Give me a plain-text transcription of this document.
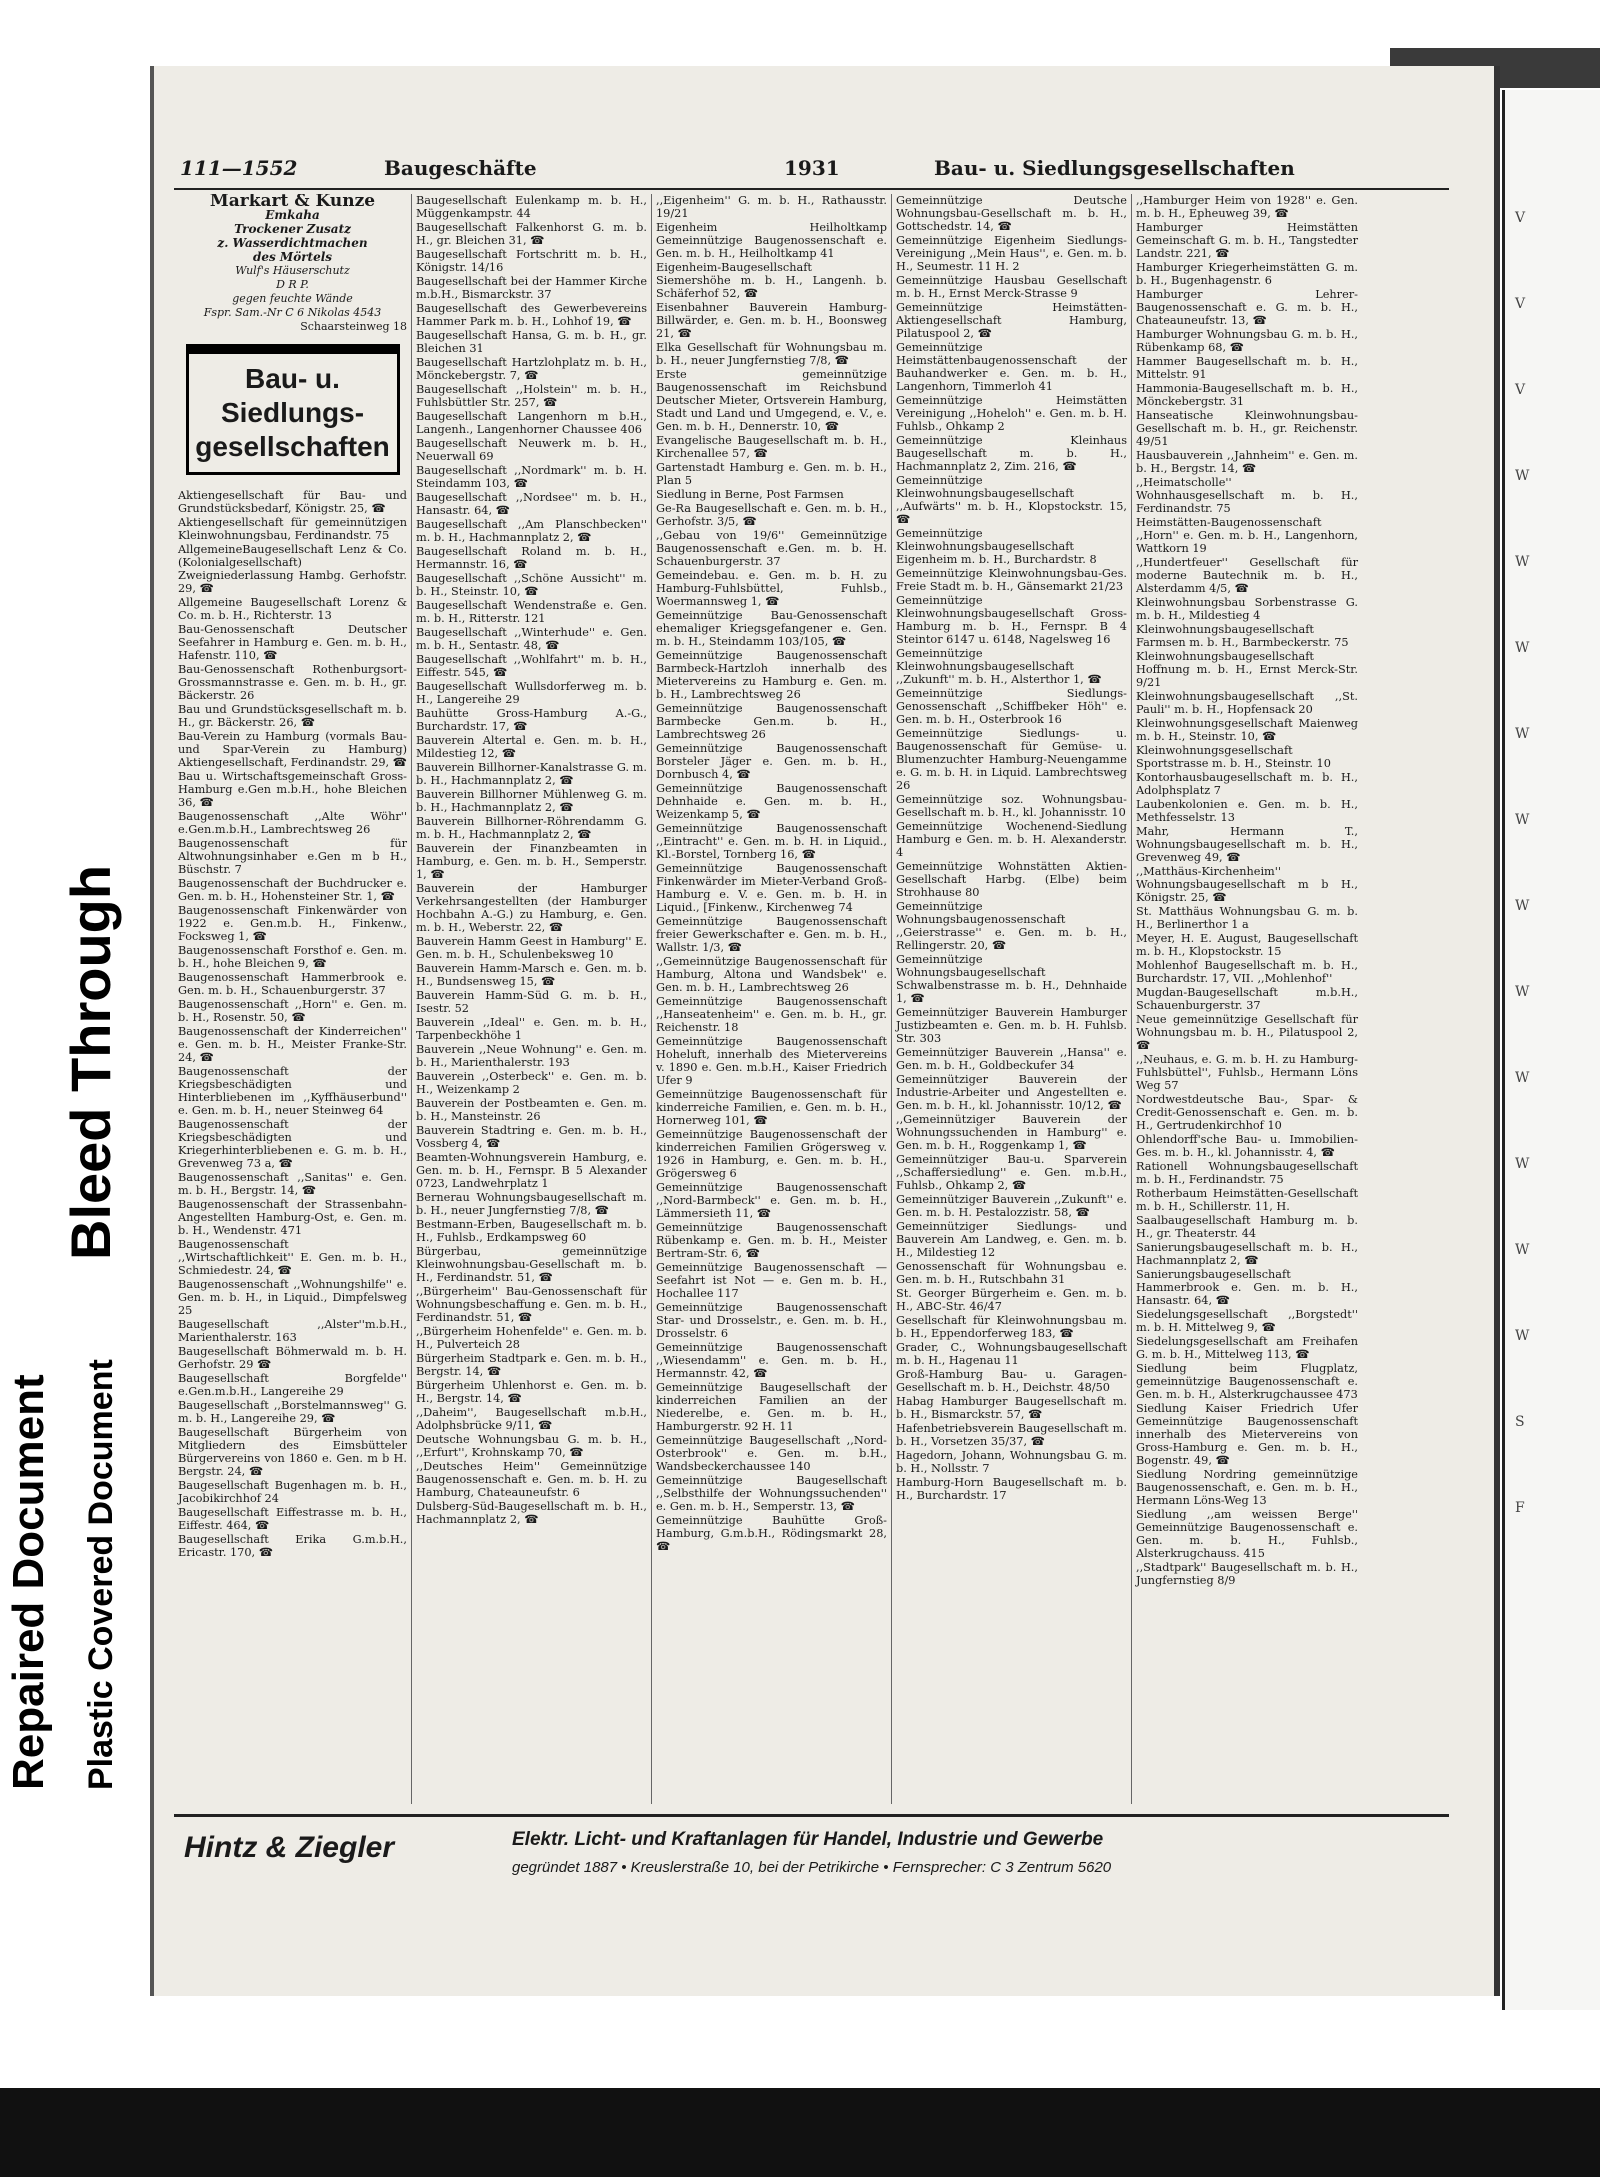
V
V
V
W
W
W
W
W
W
W
W
W
W
W
S
F
Bleed Through
Repaired Document Plastic Covered Document
111—1552	Baugeschäfte	1931	Bau- u. Siedlungsgesellschaften
Markart & Kunze
Emkaha
Trockener Zusatz
z. Wasserdichtmachen
des Mörtels
Wulf's Häuserschutz
D R P.
gegen feuchte Wände
Fspr. Sam.-Nr C 6 Nikolas 4543
Schaarsteinweg 18
Bau- u. Siedlungs- gesellschaften
Aktiengesellschaft für Bau- und Grundstücksbedarf, Königstr. 25, ☎
Aktiengesellschaft für gemeinnützigen Kleinwohnungsbau, Ferdinandstr. 75
AllgemeineBaugesellschaft Lenz & Co. (Kolonialgesellschaft) Zweigniederlassung Hambg. Gerhofstr. 29, ☎
Allgemeine Baugesellschaft Lorenz & Co. m. b. H., Richterstr. 13
Bau-Genossenschaft Deutscher Seefahrer in Hamburg e. Gen. m. b. H., Hafenstr. 110, ☎
Bau-Genossenschaft Rothenburgsort-Grossmannstrasse e. Gen. m. b. H., gr. Bäckerstr. 26
Bau und Grundstücksgesellschaft m. b. H., gr. Bäckerstr. 26, ☎
Bau-Verein zu Hamburg (vormals Bau- und Spar-Verein zu Hamburg) Aktiengesellschaft, Ferdinandstr. 29, ☎
Bau u. Wirtschaftsgemeinschaft Gross-Hamburg e.Gen m.b.H., hohe Bleichen 36, ☎
Baugenossenschaft ,,Alte Wöhr'' e.Gen.m.b.H., Lambrechtsweg 26
Baugenossenschaft für Altwohnungsinhaber e.Gen m b H., Büschstr. 7
Baugenossenschaft der Buchdrucker e. Gen. m. b. H., Hohensteiner Str. 1, ☎
Baugenossenschaft Finkenwärder von 1922 e. Gen.m.b. H., Finkenw., Focksweg 1, ☎
Baugenossenschaft Forsthof e. Gen. m. b. H., hohe Bleichen 9, ☎
Baugenossenschaft Hammerbrook e. Gen. m. b. H., Schauenburgerstr. 37
Baugenossenschaft ,,Horn'' e. Gen. m. b. H., Rosenstr. 50, ☎
Baugenossenschaft der Kinderreichen'' e. Gen. m. b. H., Meister Franke-Str. 24, ☎
Baugenossenschaft der Kriegsbeschädigten und Hinterbliebenen im ,,Kyffhäuserbund'' e. Gen. m. b. H., neuer Steinweg 64
Baugenossenschaft der Kriegsbeschädigten und Kriegerhinterbliebenen e. G. m. b. H., Grevenweg 73 a, ☎
Baugenossenschaft ,,Sanitas'' e. Gen. m. b. H., Bergstr. 14, ☎
Baugenossenschaft der Strassenbahn-Angestellten Hamburg-Ost, e. Gen. m. b. H., Wendenstr. 471
Baugenossenschaft ,,Wirtschaftlichkeit'' E. Gen. m. b. H., Schmiedestr. 24, ☎
Baugenossenschaft ,,Wohnungshilfe'' e. Gen. m. b. H., in Liquid., Dimpfelsweg 25
Baugesellschaft ,,Alster''m.b.H., Marienthalerstr. 163
Baugesellschaft Böhmerwald m. b. H. Gerhofstr. 29 ☎
Baugesellschaft Borgfelde'' e.Gen.m.b.H., Langereihe 29
Baugesellschaft ,,Borstelmannsweg'' G. m. b. H., Langereihe 29, ☎
Baugesellschaft Bürgerheim von Mitgliedern des Eimsbütteler Bürgervereins von 1860 e. Gen. m b H. Bergstr. 24, ☎
Baugesellschaft Bugenhagen m. b. H., Jacobikirchhof 24
Baugesellschaft Eiffestrasse m. b. H., Eiffestr. 464, ☎
Baugesellschaft Erika G.m.b.H., Ericastr. 170, ☎
Baugesellschaft Eulenkamp m. b. H., Müggenkampstr. 44
Baugesellschaft Falkenhorst G. m. b. H., gr. Bleichen 31, ☎
Baugesellschaft Fortschritt m. b. H., Königstr. 14/16
Baugesellschaft bei der Hammer Kirche m.b.H., Bismarckstr. 37
Baugesellschaft des Gewerbevereins Hammer Park m. b. H., Lohhof 19, ☎
Baugesellschaft Hansa, G. m. b. H., gr. Bleichen 31
Baugesellschaft Hartzlohplatz m. b. H., Mönckebergstr. 7, ☎
Baugesellschaft ,,Holstein'' m. b. H., Fuhlsbüttler Str. 257, ☎
Baugesellschaft Langenhorn m b.H., Langenh., Langenhorner Chaussee 406
Baugesellschaft Neuwerk m. b. H., Neuerwall 69
Baugesellschaft ,,Nordmark'' m. b. H. Steindamm 103, ☎
Baugesellschaft ,,Nordsee'' m. b. H., Hansastr. 64, ☎
Baugesellschaft ,,Am Planschbecken'' m. b. H., Hachmannplatz 2, ☎
Baugesellschaft Roland m. b. H., Hermannstr. 16, ☎
Baugesellschaft ,,Schöne Aussicht'' m. b. H., Steinstr. 10, ☎
Baugesellschaft Wendenstraße e. Gen. m. b. H., Ritterstr. 121
Baugesellschaft ,,Winterhude'' e. Gen. m. b. H., Sentastr. 48, ☎
Baugesellschaft ,,Wohlfahrt'' m. b. H., Eiffestr. 545, ☎
Baugesellschaft Wullsdorferweg m. b. H., Langereihe 29
Bauhütte Gross-Hamburg A.-G., Burchardstr. 17, ☎
Bauverein Altertal e. Gen. m. b. H., Mildestieg 12, ☎
Bauverein Billhorner-Kanalstrasse G. m. b. H., Hachmannplatz 2, ☎
Bauverein Billhorner Mühlenweg G. m. b. H., Hachmannplatz 2, ☎
Bauverein Billhorner-Röhrendamm G. m. b. H., Hachmannplatz 2, ☎
Bauverein der Finanzbeamten in Hamburg, e. Gen. m. b. H., Semperstr. 1, ☎
Bauverein der Hamburger Verkehrsangestellten (der Hamburger Hochbahn A.-G.) zu Hamburg, e. Gen. m. b. H., Weberstr. 22, ☎
Bauverein Hamm Geest in Hamburg'' E. Gen. m. b. H., Schulenbeksweg 10
Bauverein Hamm-Marsch e. Gen. m. b. H., Bundsensweg 15, ☎
Bauverein Hamm-Süd G. m. b. H., Isestr. 52
Bauverein ,,Ideal'' e. Gen. m. b. H., Tarpenbeckhöhe 1
Bauverein ,,Neue Wohnung'' e. Gen. m. b. H., Marienthalerstr. 193
Bauverein ,,Osterbeck'' e. Gen. m. b. H., Weizenkamp 2
Bauverein der Postbeamten e. Gen. m. b. H., Mansteinstr. 26
Bauverein Stadtring e. Gen. m. b. H., Vossberg 4, ☎
Beamten-Wohnungsverein Hamburg, e. Gen. m. b. H., Fernspr. B 5 Alexander 0723, Landwehrplatz 1
Bernerau Wohnungsbaugesellschaft m. b. H., neuer Jungfernstieg 7/8, ☎
Bestmann-Erben, Baugesellschaft m. b. H., Fuhlsb., Erdkampsweg 60
Bürgerbau, gemeinnützige Kleinwohnungsbau-Gesellschaft m. b. H., Ferdinandstr. 51, ☎
,,Bürgerheim'' Bau-Genossenschaft für Wohnungsbeschaffung e. Gen. m. b. H., Ferdinandstr. 51, ☎
,,Bürgerheim Hohenfelde'' e. Gen. m. b. H., Pulverteich 28
Bürgerheim Stadtpark e. Gen. m. b. H., Bergstr. 14, ☎
Bürgerheim Uhlenhorst e. Gen. m. b. H., Bergstr. 14, ☎
,,Daheim'', Baugesellschaft m.b.H., Adolphsbrücke 9/11, ☎
Deutsche Wohnungsbau G. m. b. H., ,,Erfurt'', Krohnskamp 70, ☎
,,Deutsches Heim'' Gemeinnützige Baugenossenschaft e. Gen. m. b. H. zu Hamburg, Chateauneufstr. 6
Dulsberg-Süd-Baugesellschaft m. b. H., Hachmannplatz 2, ☎
,,Eigenheim'' G. m. b. H., Rathausstr. 19/21
Eigenheim Heilholtkamp Gemeinnützige Baugenossenschaft e. Gen. m. b. H., Heilholtkamp 41
Eigenheim-Baugesellschaft Siemershöhe m. b. H., Langenh. b. Schäferhof 52, ☎
Eisenbahner Bauverein Hamburg-Billwärder, e. Gen. m. b. H., Boonsweg 21, ☎
Elka Gesellschaft für Wohnungsbau m. b. H., neuer Jungfernstieg 7/8, ☎
Erste gemeinnützige Baugenossenschaft im Reichsbund Deutscher Mieter, Ortsverein Hamburg, Stadt und Land und Umgegend, e. V., e. Gen. m. b. H., Dennerstr. 10, ☎
Evangelische Baugesellschaft m. b. H., Kirchenallee 57, ☎
Gartenstadt Hamburg e. Gen. m. b. H., Plan 5
Siedlung in Berne, Post Farmsen
Ge-Ra Baugesellschaft e. Gen. m. b. H., Gerhofstr. 3/5, ☎
,,Gebau von 19/6'' Gemeinnützige Baugenossenschaft e.Gen. m. b. H. Schauenburgerstr. 37
Gemeindebau. e. Gen. m. b. H. zu Hamburg-Fuhlsbüttel, Fuhlsb., Woermannsweg 1, ☎
Gemeinnützige Bau-Genossenschaft ehemaliger Kriegsgefangener e. Gen. m. b. H., Steindamm 103/105, ☎
Gemeinnützige Baugenossenschaft Barmbeck-Hartzloh innerhalb des Mietervereins zu Hamburg e. Gen. m. b. H., Lambrechtsweg 26
Gemeinnützige Baugenossenschaft Barmbecke Gen.m. b. H., Lambrechtsweg 26
Gemeinnützige Baugenossenschaft Borsteler Jäger e. Gen. m. b. H., Dornbusch 4, ☎
Gemeinnützige Baugenossenschaft Dehnhaide e. Gen. m. b. H., Weizenkamp 5, ☎
Gemeinnützige Baugenossenschaft ,,Eintracht'' e. Gen. m. b. H. in Liquid., Kl.-Borstel, Tornberg 16, ☎
Gemeinnützige Baugenossenschaft Finkenwärder im Mieter-Verband Groß-Hamburg e. V. e. Gen. m. b. H. in Liquid., [Finkenw., Kirchenweg 74
Gemeinnützige Baugenossenschaft freier Gewerkschafter e. Gen. m. b. H., Wallstr. 1/3, ☎
,,Gemeinnützige Baugenossenschaft für Hamburg, Altona und Wandsbek'' e. Gen. m. b. H., Lambrechtsweg 26
Gemeinnützige Baugenossenschaft ,,Hanseatenheim'' e. Gen. m. b. H., gr. Reichenstr. 18
Gemeinnützige Baugenossenschaft Hoheluft, innerhalb des Mietervereins v. 1890 e. Gen. m.b.H., Kaiser Friedrich Ufer 9
Gemeinnützige Baugenossenschaft für kinderreiche Familien, e. Gen. m. b. H., Hornerweg 101, ☎
Gemeinnützige Baugenossenschaft der kinderreichen Familien Grögersweg v. 1926 in Hamburg, e. Gen. m. b. H., Grögersweg 6
Gemeinnützige Baugenossenschaft ,,Nord-Barmbeck'' e. Gen. m. b. H., Lämmersieth 11, ☎
Gemeinnützige Baugenossenschaft Rübenkamp e. Gen. m. b. H., Meister Bertram-Str. 6, ☎
Gemeinnützige Baugenossenschaft — Seefahrt ist Not — e. Gen m. b. H., Hochallee 117
Gemeinnützige Baugenossenschaft Star- und Drosselstr., e. Gen. m. b. H., Drosselstr. 6
Gemeinnützige Baugenossenschaft ,,Wiesendamm'' e. Gen. m. b. H., Hermannstr. 42, ☎
Gemeinnützige Baugesellschaft der kinderreichen Familien an der Niederelbe, e. Gen. m. b. H., Hamburgerstr. 92 H. 11
Gemeinnützige Baugesellschaft ,,Nord-Osterbrook'' e. Gen. m. b.H., Wandsbeckerchaussee 140
Gemeinnützige Baugesellschaft ,,Selbsthilfe der Wohnungssuchenden'' e. Gen. m. b. H., Semperstr. 13, ☎
Gemeinnützige Bauhütte Groß-Hamburg, G.m.b.H., Rödingsmarkt 28, ☎
Gemeinnützige Deutsche Wohnungsbau-Gesellschaft m. b. H., Gottschedstr. 14, ☎
Gemeinnützige Eigenheim Siedlungs-Vereinigung ,,Mein Haus'', e. Gen. m. b. H., Seumestr. 11 H. 2
Gemeinnützige Hausbau Gesellschaft m. b. H., Ernst Merck-Strasse 9
Gemeinnützige Heimstätten-Aktiengesellschaft Hamburg, Pilatuspool 2, ☎
Gemeinnützige Heimstättenbaugenossenschaft der Bauhandwerker e. Gen. m. b. H., Langenhorn, Timmerloh 41
Gemeinnützige Heimstätten Vereinigung ,,Hoheloh'' e. Gen. m. b. H. Fuhlsb., Ohkamp 2
Gemeinnützige Kleinhaus Baugesellschaft m. b. H., Hachmannplatz 2, Zim. 216, ☎
Gemeinnützige Kleinwohnungsbaugesellschaft ,,Aufwärts'' m. b. H., Klopstockstr. 15, ☎
Gemeinnützige Kleinwohnungsbaugesellschaft Eigenheim m. b. H., Burchardstr. 8
Gemeinnützige Kleinwohnungsbau-Ges. Freie Stadt m. b. H., Gänsemarkt 21/23
Gemeinnützige Kleinwohnungsbaugesellschaft Gross-Hamburg m. b. H., Fernspr. B 4 Steintor 6147 u. 6148, Nagelsweg 16
Gemeinnützige Kleinwohnungsbaugesellschaft ,,Zukunft'' m. b. H., Alsterthor 1, ☎
Gemeinnützige Siedlungs-Genossenschaft ,,Schiffbeker Höh'' e. Gen. m. b. H., Osterbrook 16
Gemeinnützige Siedlungs- u. Baugenossenschaft für Gemüse- u. Blumenzuchter Hamburg-Neuengamme e. G. m. b. H. in Liquid. Lambrechtsweg 26
Gemeinnützige soz. Wohnungsbau-Gesellschaft m. b. H., kl. Johannisstr. 10
Gemeinnützige Wochenend-Siedlung Hamburg e Gen. m. b. H. Alexanderstr. 4
Gemeinnützige Wohnstätten Aktien-Gesellschaft Harbg. (Elbe) beim Strohhause 80
Gemeinnützige Wohnungsbaugenossenschaft ,,Geierstrasse'' e. Gen. m. b. H., Rellingerstr. 20, ☎
Gemeinnützige Wohnungsbaugesellschaft Schwalbenstrasse m. b. H., Dehnhaide 1, ☎
Gemeinnütziger Bauverein Hamburger Justizbeamten e. Gen. m. b. H. Fuhlsb. Str. 303
Gemeinnütziger Bauverein ,,Hansa'' e. Gen. m. b. H., Goldbeckufer 34
Gemeinnütziger Bauverein der Industrie-Arbeiter und Angestellten e. Gen. m. b. H., kl. Johannisstr. 10/12, ☎
,,Gemeinnütziger Bauverein der Wohnungssuchenden in Hamburg'' e. Gen. m. b. H., Roggenkamp 1, ☎
Gemeinnütziger Bau-u. Sparverein ,,Schaffersiedlung'' e. Gen. m.b.H., Fuhlsb., Ohkamp 2, ☎
Gemeinnütziger Bauverein ,,Zukunft'' e. Gen. m. b. H. Pestalozzistr. 58, ☎
Gemeinnütziger Siedlungs- und Bauverein Am Landweg, e. Gen. m. b. H., Mildestieg 12
Genossenschaft für Wohnungsbau e. Gen. m. b. H., Rutschbahn 31
St. Georger Bürgerheim e. Gen. m. b. H., ABC-Str. 46/47
Gesellschaft für Kleinwohnungsbau m. b. H., Eppendorferweg 183, ☎
Grader, C., Wohnungsbaugesellschaft m. b. H., Hagenau 11
Groß-Hamburg Bau- u. Garagen-Gesellschaft m. b. H., Deichstr. 48/50
Habag Hamburger Baugesellschaft m. b. H., Bismarckstr. 57, ☎
Hafenbetriebsverein Baugesellschaft m. b. H., Vorsetzen 35/37, ☎
Hagedorn, Johann, Wohnungsbau G. m. b. H., Nollsstr. 7
Hamburg-Horn Baugesellschaft m. b. H., Burchardstr. 17
,,Hamburger Heim von 1928'' e. Gen. m. b. H., Epheuweg 39, ☎
Hamburger Heimstätten Gemeinschaft G. m. b. H., Tangstedter Landstr. 221, ☎
Hamburger Kriegerheimstätten G. m. b. H., Bugenhagenstr. 6
Hamburger Lehrer-Baugenossenschaft e. G. m. b. H., Chateauneufstr. 13, ☎
Hamburger Wohnungsbau G. m. b. H., Rübenkamp 68, ☎
Hammer Baugesellschaft m. b. H., Mittelstr. 91
Hammonia-Baugesellschaft m. b. H., Mönckebergstr. 31
Hanseatische Kleinwohnungsbau-Gesellschaft m. b. H., gr. Reichenstr. 49/51
Hausbauverein ,,Jahnheim'' e. Gen. m. b. H., Bergstr. 14, ☎
,,Heimatscholle'' Wohnhausgesellschaft m. b. H., Ferdinandstr. 75
Heimstätten-Baugenossenschaft ,,Horn'' e. Gen. m. b. H., Langenhorn, Wattkorn 19
,,Hundertfeuer'' Gesellschaft für moderne Bautechnik m. b. H., Alsterdamm 4/5, ☎
Kleinwohnungsbau Sorbenstrasse G. m. b. H., Mildestieg 4
Kleinwohnungsbaugesellschaft Farmsen m. b. H., Barmbeckerstr. 75
Kleinwohnungsbaugesellschaft Hoffnung m. b. H., Ernst Merck-Str. 9/21
Kleinwohnungsbaugesellschaft ,,St. Pauli'' m. b. H., Hopfensack 20
Kleinwohnungsgesellschaft Maienweg m. b. H., Steinstr. 10, ☎
Kleinwohnungsgesellschaft Sportstrasse m. b. H., Steinstr. 10
Kontorhausbaugesellschaft m. b. H., Adolphsplatz 7
Laubenkolonien e. Gen. m. b. H., Methfesselstr. 13
Mahr, Hermann T., Wohnungsbaugesellschaft m. b. H., Grevenweg 49, ☎
,,Matthäus-Kirchenheim'' Wohnungsbaugesellschaft m b H., Königstr. 25, ☎
St. Matthäus Wohnungsbau G. m. b. H., Berlinerthor 1 a
Meyer, H. E. August, Baugesellschaft m. b. H., Klopstockstr. 15
Mohlenhof Baugesellschaft m. b. H., Burchardstr. 17, VII. ,,Mohlenhof''
Mugdan-Baugesellschaft m.b.H., Schauenburgerstr. 37
Neue gemeinnützige Gesellschaft für Wohnungsbau m. b. H., Pilatuspool 2, ☎
,,Neuhaus, e. G. m. b. H. zu Hamburg-Fuhlsbüttel'', Fuhlsb., Hermann Löns Weg 57
Nordwestdeutsche Bau-, Spar- & Credit-Genossenschaft e. Gen. m. b. H., Gertrudenkirchhof 10
Ohlendorff'sche Bau- u. Immobilien-Ges. m. b. H., kl. Johannisstr. 4, ☎
Rationell Wohnungsbaugesellschaft m. b. H., Ferdinandstr. 75
Rotherbaum Heimstätten-Gesellschaft m. b. H., Schillerstr. 11, H.
Saalbaugesellschaft Hamburg m. b. H., gr. Theaterstr. 44
Sanierungsbaugesellschaft m. b. H., Hachmannplatz 2, ☎
Sanierungsbaugesellschaft Hammerbrook e. Gen. m. b. H., Hansastr. 64, ☎
Siedelungsgesellschaft ,,Borgstedt'' m. b. H. Mittelweg 9, ☎
Siedelungsgesellschaft am Freihafen G. m. b. H., Mittelweg 113, ☎
Siedlung beim Flugplatz, gemeinnützige Baugenossenschaft e. Gen. m. b. H., Alsterkrugchaussee 473
Siedlung Kaiser Friedrich Ufer Gemeinnützige Baugenossenschaft innerhalb des Mietervereins von Gross-Hamburg e. Gen. m. b. H., Bogenstr. 49, ☎
Siedlung Nordring gemeinnützige Baugenossenschaft, e. Gen. m. b. H., Hermann Löns-Weg 13
Siedlung ,,am weissen Berge'' Gemeinnützige Baugenossenschaft e. Gen. m. b. H., Fuhlsb., Alsterkrugchauss. 415
,,Stadtpark'' Baugesellschaft m. b. H., Jungfernstieg 8/9
Hintz & Ziegler	Elektr. Licht- und Kraftanlagen für Handel, Industrie und Gewerbe
gegründet 1887 • Kreuslerstraße 10, bei der Petrikirche • Fernsprecher: C 3 Zentrum 5620
